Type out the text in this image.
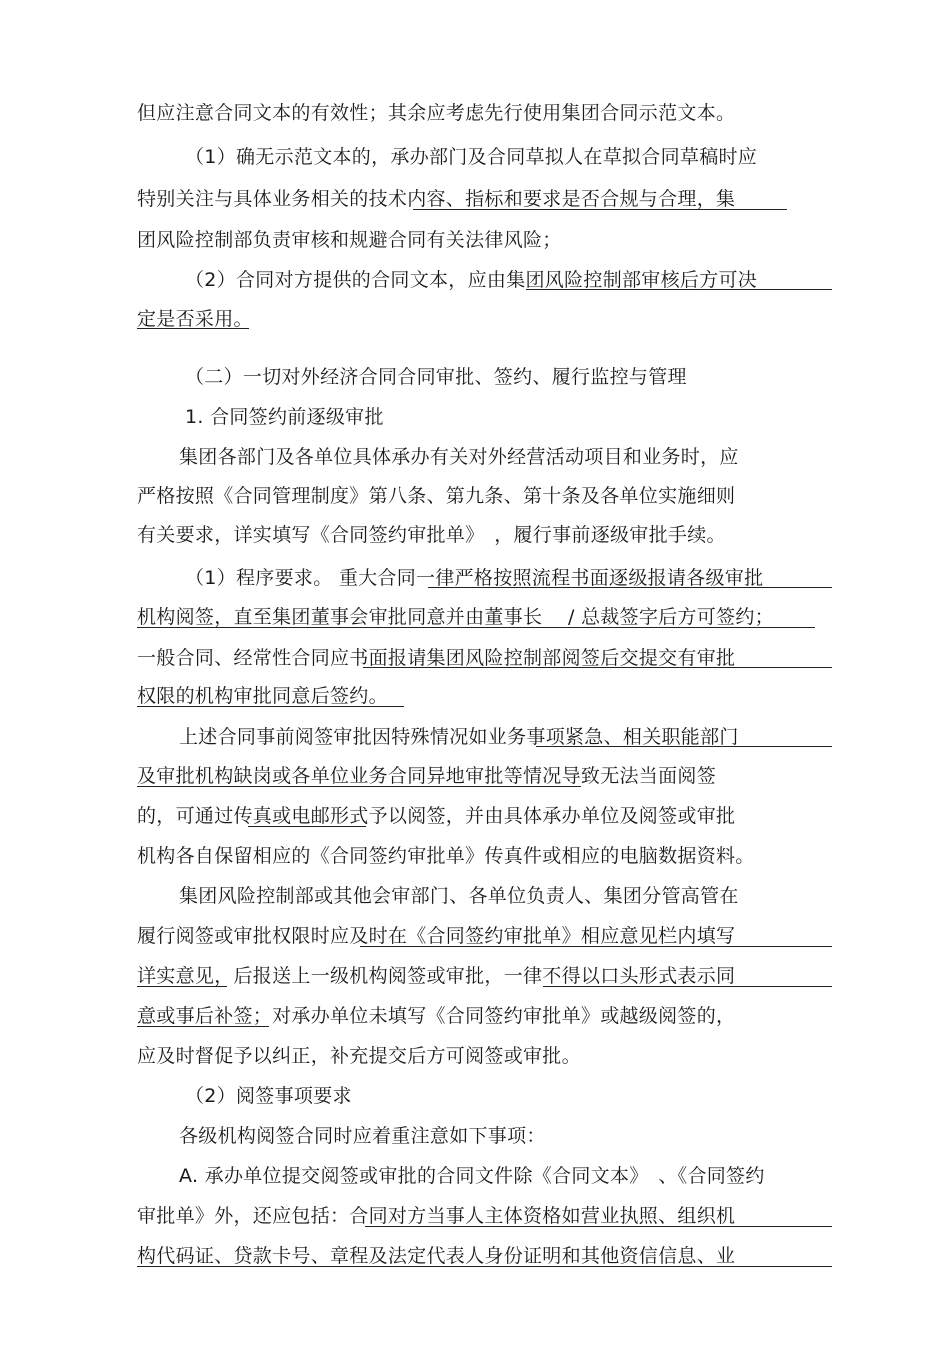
但应注意合同文本的有效性；其余应考虑先行使用集团合同示范文本。
（1）确无示范文本的，承办部门及合同草拟人在草拟合同草稿时应
特别关注与具体业务相关的技术内容、指标和要求是否合规与合理，集
团风险控制部负责审核和规避合同有关法律风险；
（2）合同对方提供的合同文本，应由集团风险控制部审核后方可决
定是否采用。
（二）一切对外经济合同合同审批、签约、履行监控与管理
1. 合同签约前逐级审批
集团各部门及各单位具体承办有关对外经营活动项目和业务时，应
严格按照《合同管理制度》第八条、第九条、第十条及各单位实施细则
有关要求，详实填写《合同签约审批单》　，履行事前逐级审批手续。
（1）程序要求。 重大合同一律严格按照流程书面逐级报请各级审批
机构阅签，直至集团董事会审批同意并由董事长　 / 总裁签字后方可签约；
一般合同、经常性合同应书面报请集团风险控制部阅签后交提交有审批
权限的机构审批同意后签约。
上述合同事前阅签审批因特殊情况如业务事项紧急、相关职能部门
及审批机构缺岗或各单位业务合同异地审批等情况导致无法当面阅签
的，可通过传真或电邮形式予以阅签，并由具体承办单位及阅签或审批
机构各自保留相应的《合同签约审批单》传真件或相应的电脑数据资料。
集团风险控制部或其他会审部门、各单位负责人、集团分管高管在
履行阅签或审批权限时应及时在《合同签约审批单》相应意见栏内填写
详实意见，后报送上一级机构阅签或审批，一律不得以口头形式表示同
意或事后补签；对承办单位未填写《合同签约审批单》或越级阅签的，
应及时督促予以纠正，补充提交后方可阅签或审批。
（2）阅签事项要求
各级机构阅签合同时应着重注意如下事项：
A. 承办单位提交阅签或审批的合同文件除《合同文本》　、《合同签约
审批单》外，还应包括：合同对方当事人主体资格如营业执照、组织机
构代码证、贷款卡号、章程及法定代表人身份证明和其他资信信息、业
